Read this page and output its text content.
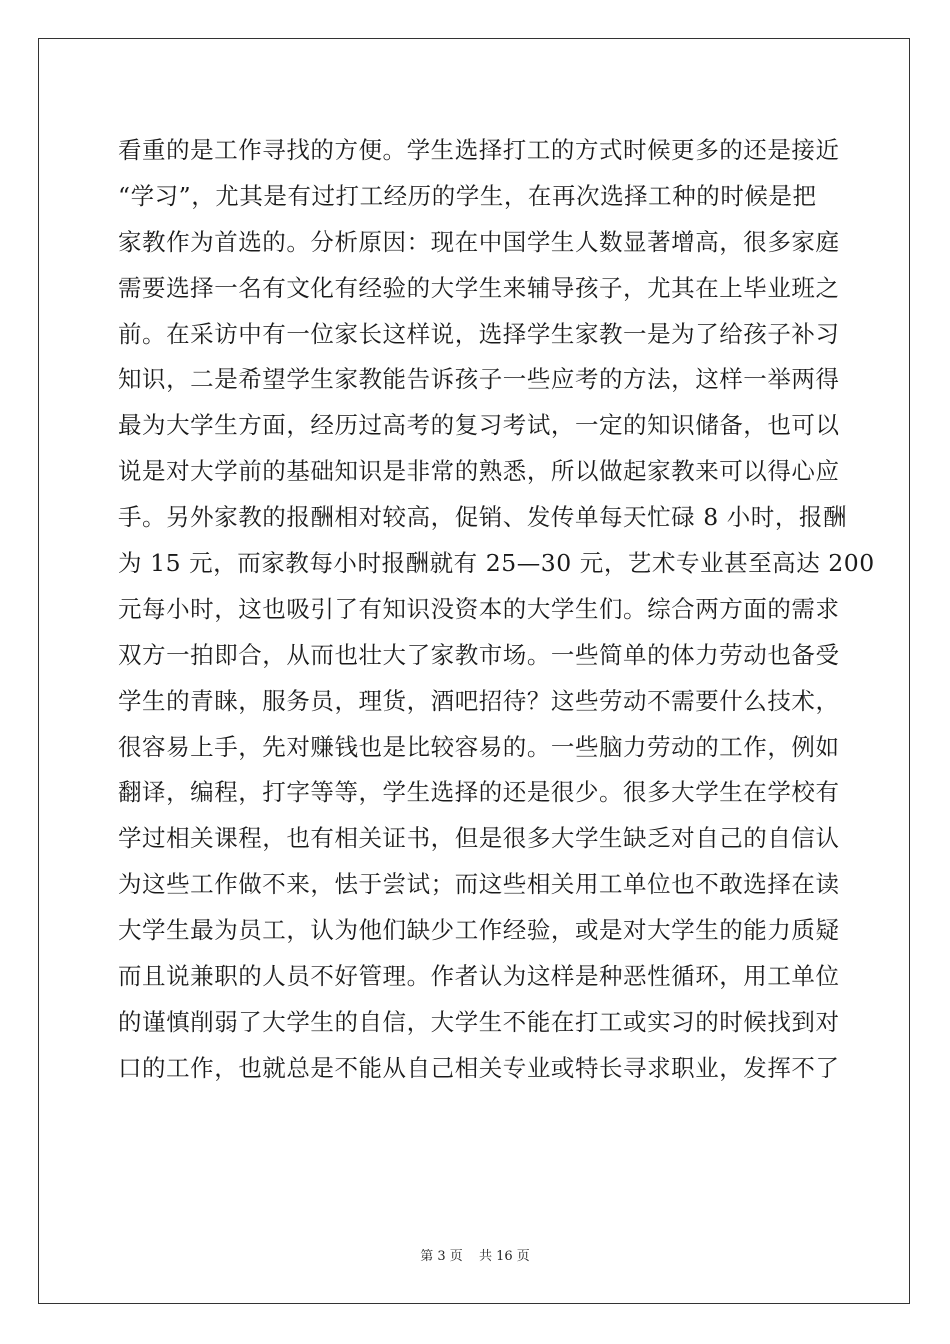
看重的是工作寻找的方便。学生选择打工的方式时候更多的还是接近
“学习”，尤其是有过打工经历的学生，在再次选择工种的时候是把
家教作为首选的。分析原因：现在中国学生人数显著增高，很多家庭
需要选择一名有文化有经验的大学生来辅导孩子，尤其在上毕业班之
前。在采访中有一位家长这样说，选择学生家教一是为了给孩子补习
知识，二是希望学生家教能告诉孩子一些应考的方法，这样一举两得
最为大学生方面，经历过高考的复习考试，一定的知识储备，也可以
说是对大学前的基础知识是非常的熟悉，所以做起家教来可以得心应
手。另外家教的报酬相对较高，促销、发传单每天忙碌 8 小时，报酬
为 15 元，而家教每小时报酬就有 25—30 元，艺术专业甚至高达 200
元每小时，这也吸引了有知识没资本的大学生们。综合两方面的需求
双方一拍即合，从而也壮大了家教市场。一些简单的体力劳动也备受
学生的青睐，服务员，理货，酒吧招待？这些劳动不需要什么技术，
很容易上手，先对赚钱也是比较容易的。一些脑力劳动的工作，例如
翻译，编程，打字等等，学生选择的还是很少。很多大学生在学校有
学过相关课程，也有相关证书，但是很多大学生缺乏对自己的自信认
为这些工作做不来，怯于尝试；而这些相关用工单位也不敢选择在读
大学生最为员工，认为他们缺少工作经验，或是对大学生的能力质疑
而且说兼职的人员不好管理。作者认为这样是种恶性循环，用工单位
的谨慎削弱了大学生的自信，大学生不能在打工或实习的时候找到对
口的工作，也就总是不能从自己相关专业或特长寻求职业，发挥不了
第 3 页 共 16 页
